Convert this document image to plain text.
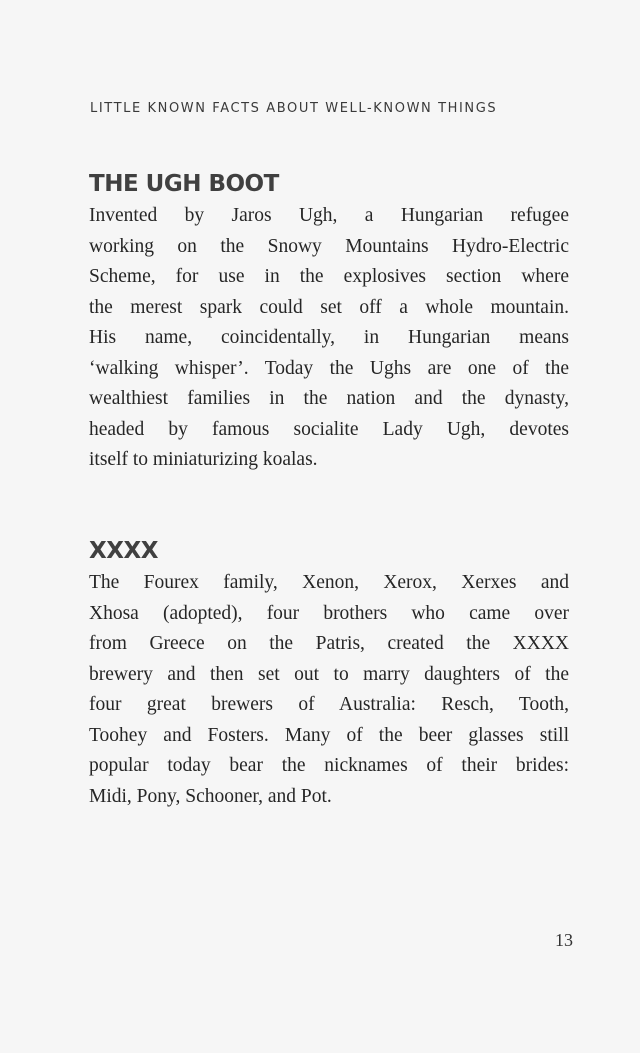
LITTLE KNOWN FACTS ABOUT WELL-KNOWN THINGS
THE UGH BOOT
Invented by Jaros Ugh, a Hungarian refugee
working on the Snowy Mountains Hydro-Electric
Scheme, for use in the explosives section where
the merest spark could set off a whole mountain.
His name, coincidentally, in Hungarian means
‘walking whisper’. Today the Ughs are one of the
wealthiest families in the nation and the dynasty,
headed by famous socialite Lady Ugh, devotes
itself to miniaturizing koalas.
XXXX
The Fourex family, Xenon, Xerox, Xerxes and
Xhosa (adopted), four brothers who came over
from Greece on the Patris, created the XXXX
brewery and then set out to marry daughters of the
four great brewers of Australia: Resch, Tooth,
Toohey and Fosters. Many of the beer glasses still
popular today bear the nicknames of their brides:
Midi, Pony, Schooner, and Pot.
13
